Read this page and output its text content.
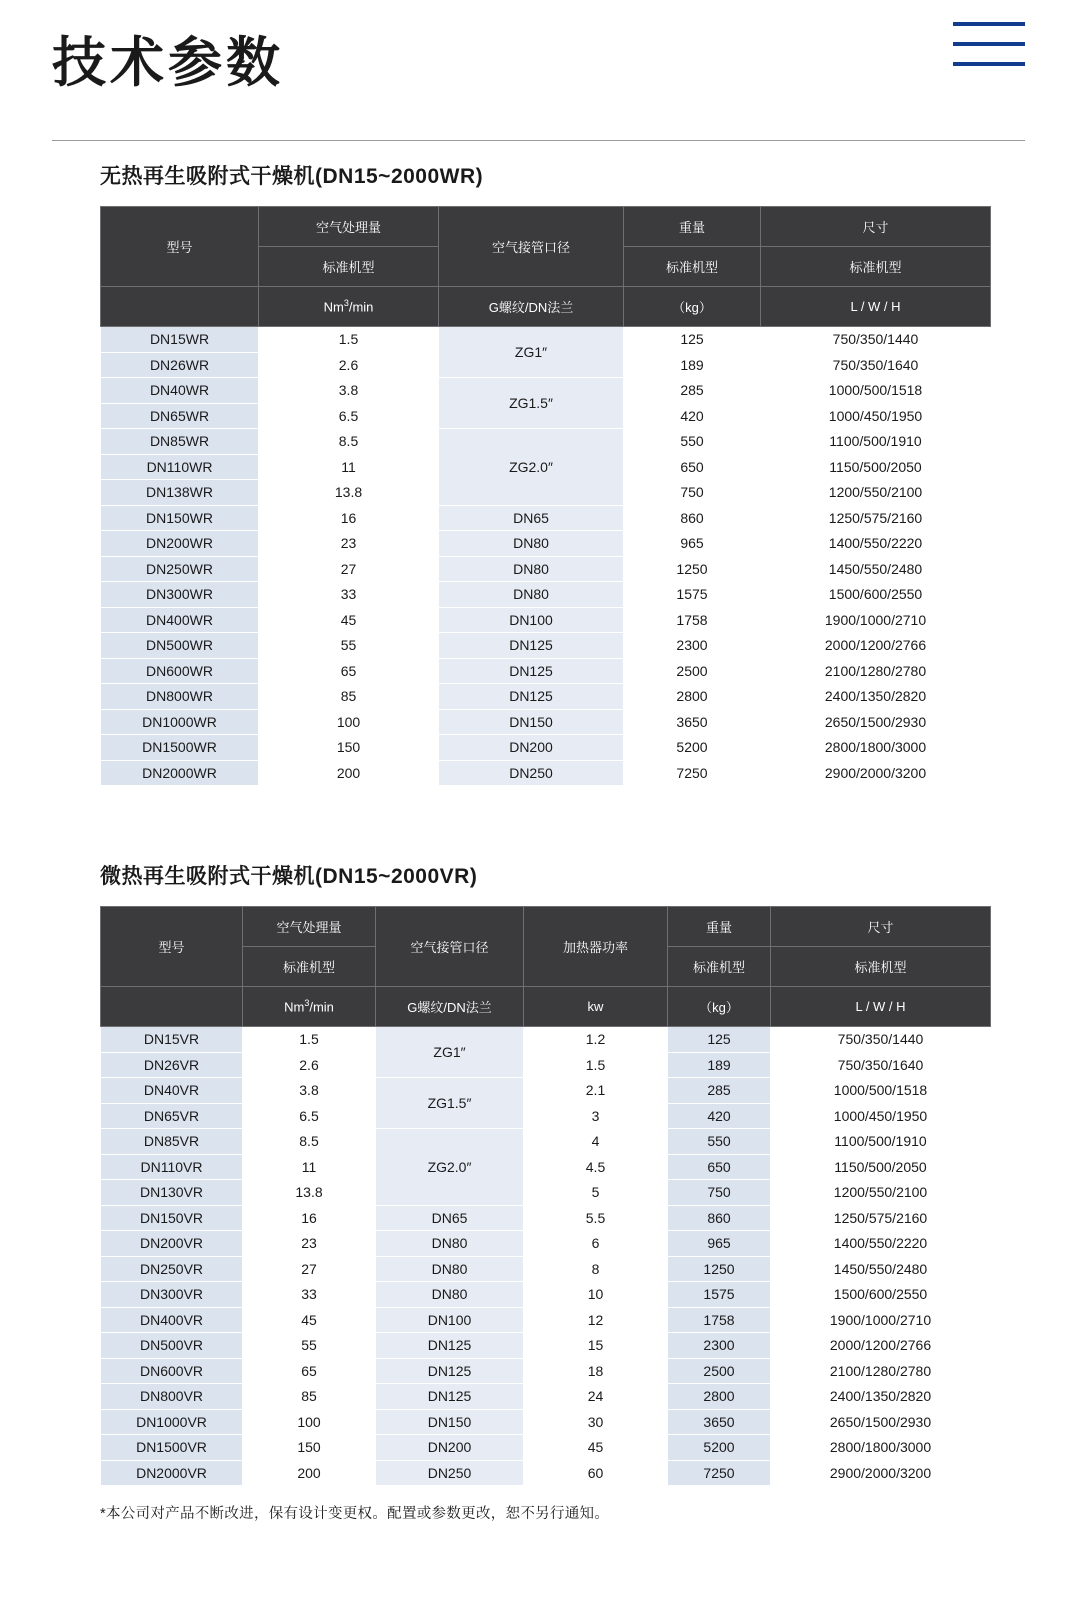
技术参数
无热再生吸附式干燥机(DN15~2000WR)
型号	空气处理量	空气接管口径	重量	尺寸
	标准机型		标准机型	标准机型
	Nm$^3$/min	G螺纹/DN法兰	（kg）	L / W / H
DN15WR	1.5	ZG1″	125	750/350/1440
DN26WR	2.6		189	750/350/1640
DN40WR	3.8	ZG1.5″	285	1000/500/1518
DN65WR	6.5		420	1000/450/1950
DN85WR	8.5	ZG2.0″	550	1100/500/1910
DN110WR	11		650	1150/500/2050
DN138WR	13.8		750	1200/550/2100
DN150WR	16	DN65	860	1250/575/2160
DN200WR	23	DN80	965	1400/550/2220
DN250WR	27	DN80	1250	1450/550/2480
DN300WR	33	DN80	1575	1500/600/2550
DN400WR	45	DN100	1758	1900/1000/2710
DN500WR	55	DN125	2300	2000/1200/2766
DN600WR	65	DN125	2500	2100/1280/2780
DN800WR	85	DN125	2800	2400/1350/2820
DN1000WR	100	DN150	3650	2650/1500/2930
DN1500WR	150	DN200	5200	2800/1800/3000
DN2000WR	200	DN250	7250	2900/2000/3200
微热再生吸附式干燥机(DN15~2000VR)
型号	空气处理量	空气接管口径	加热器功率	重量	尺寸
	标准机型			标准机型	标准机型
	Nm$^3$/min	G螺纹/DN法兰	kw	（kg）	L / W / H
DN15VR	1.5	ZG1″	1.2	125	750/350/1440
DN26VR	2.6		1.5	189	750/350/1640
DN40VR	3.8	ZG1.5″	2.1	285	1000/500/1518
DN65VR	6.5		3	420	1000/450/1950
DN85VR	8.5	ZG2.0″	4	550	1100/500/1910
DN110VR	11		4.5	650	1150/500/2050
DN130VR	13.8		5	750	1200/550/2100
DN150VR	16	DN65	5.5	860	1250/575/2160
DN200VR	23	DN80	6	965	1400/550/2220
DN250VR	27	DN80	8	1250	1450/550/2480
DN300VR	33	DN80	10	1575	1500/600/2550
DN400VR	45	DN100	12	1758	1900/1000/2710
DN500VR	55	DN125	15	2300	2000/1200/2766
DN600VR	65	DN125	18	2500	2100/1280/2780
DN800VR	85	DN125	24	2800	2400/1350/2820
DN1000VR	100	DN150	30	3650	2650/1500/2930
DN1500VR	150	DN200	45	5200	2800/1800/3000
DN2000VR	200	DN250	60	7250	2900/2000/3200
*本公司对产品不断改进，保有设计变更权。配置或参数更改，恕不另行通知。
